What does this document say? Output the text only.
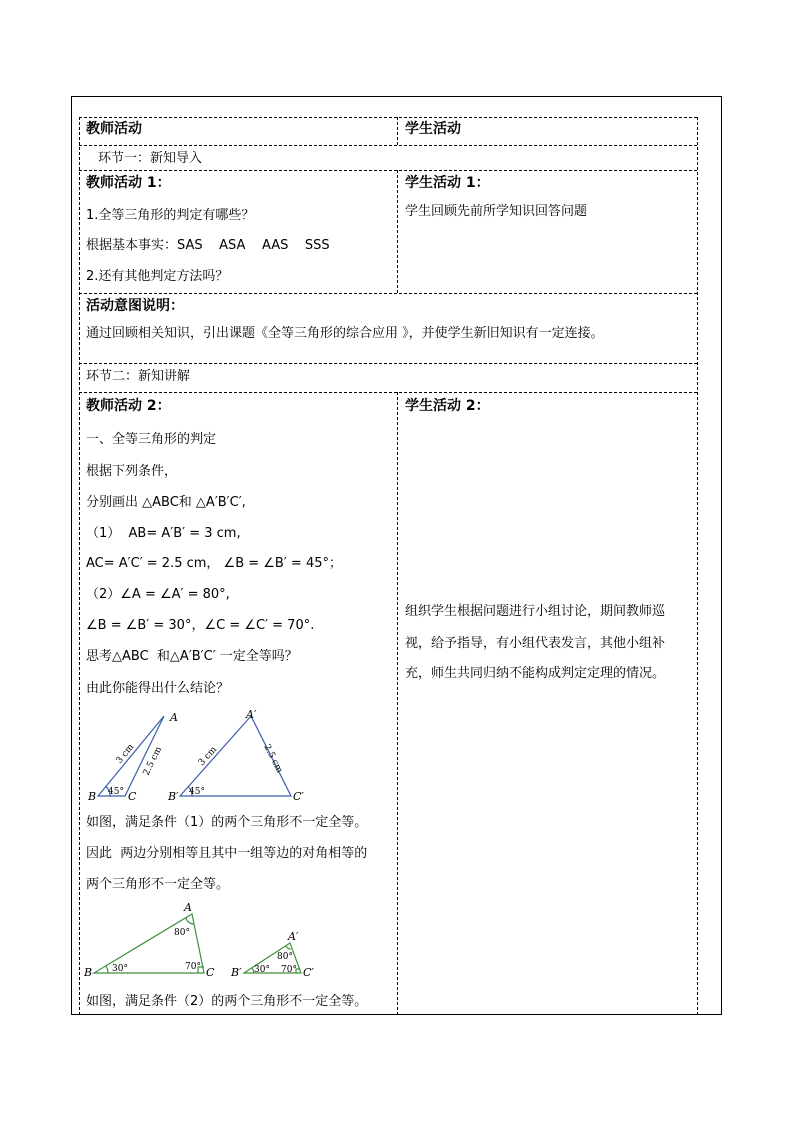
教师活动	学生活动
环节一：新知导入
教师活动 1：
1.全等三角形的判定有哪些？
根据基本事实：SAS    ASA    AAS    SSS
2.还有其他判定方法吗？
学生活动 1：
学生回顾先前所学知识回答问题
活动意图说明：
通过回顾相关知识，引出课题《全等三角形的综合应用 》，并使学生新旧知识有一定连接。
环节二：新知讲解
教师活动 2：
一、全等三角形的判定
根据下列条件，
分别画出 △ABC和 △A′B′C′,
（1）  AB= A′B′ = 3 cm,
AC= A′C′ = 2.5 cm， ∠B = ∠B′ = 45°；
（2）∠A = ∠A′ = 80°,
∠B = ∠B′ = 30°，∠C = ∠C′ = 70°.
思考△ABC  和△A′B′C′ 一定全等吗？
由此你能得出什么结论？
A
B	C
A′
B′	C′
45°	45°
3 cm 2.5 cm	3 cm	2.5 cm
如图，满足条件（1）的两个三角形不一定全等。
因此  两边分别相等且其中一组等边的对角相等的
两个三角形不一定全等。
A
B	C
A′
B′	C′
80°
30°	70°
80°
30° 70°
如图，满足条件（2）的两个三角形不一定全等。
学生活动 2：
组织学生根据问题进行小组讨论，期间教师巡
视，给予指导，有小组代表发言，其他小组补
充，师生共同归纳不能构成判定定理的情况。
